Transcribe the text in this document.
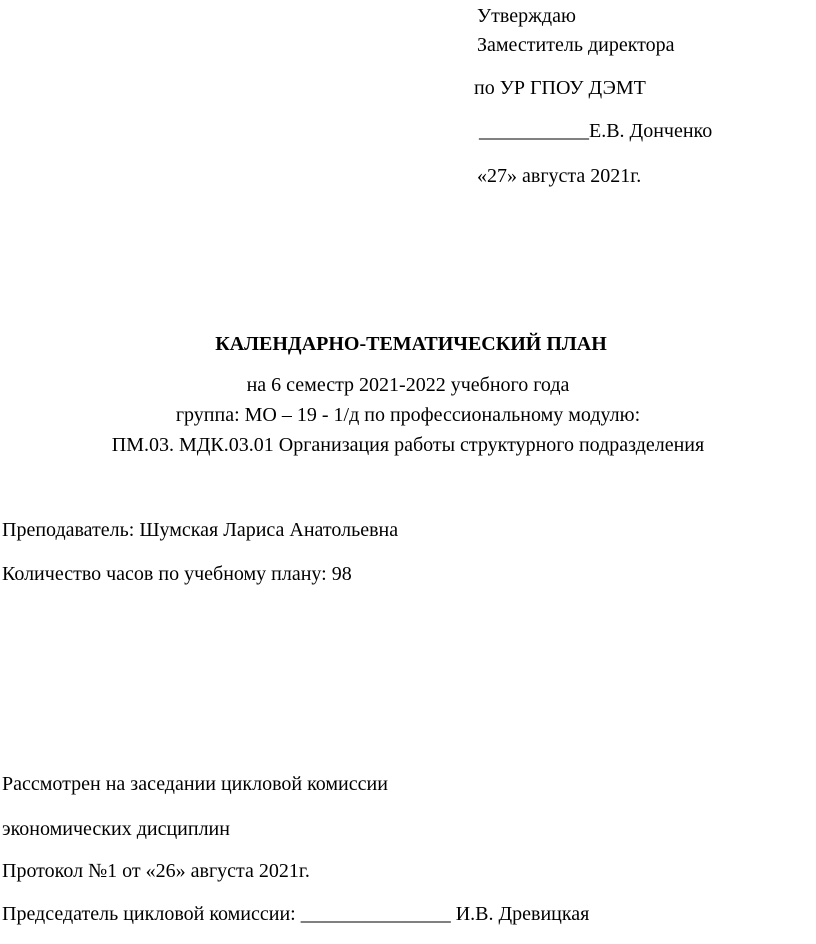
Утверждаю
Заместитель директора
по УР ГПОУ ДЭМТ
___________Е.В. Донченко
«27» августа 2021г.
КАЛЕНДАРНО-ТЕМАТИЧЕСКИЙ ПЛАН
на 6 семестр 2021-2022 учебного года
группа: МО – 19 - 1/д по профессиональному модулю:
ПМ.03. МДК.03.01 Организация работы структурного подразделения
Преподаватель: Шумская Лариса Анатольевна
Количество часов по учебному плану: 98
Рассмотрен на заседании цикловой комиссии
экономических дисциплин
Протокол №1 от «26» августа 2021г.
Председатель цикловой комиссии: _______________ И.В. Древицкая
